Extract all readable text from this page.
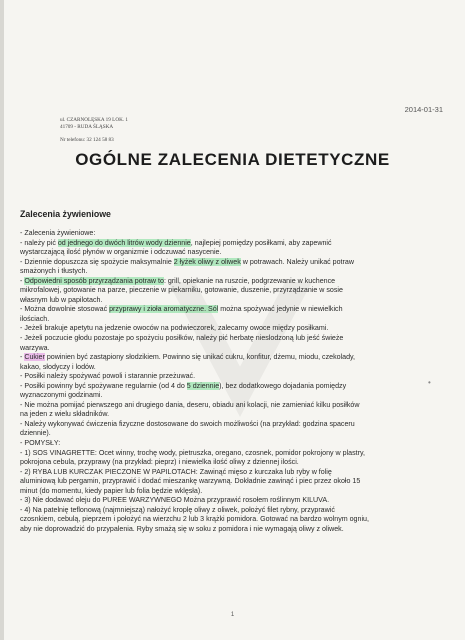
2014-01-31
ul. CZARNOLĘSKA 19 LOK. 1
41709 - RUDA ŚLĄSKA
Nr telefonu: 32 124 58 83
OGÓLNE ZALECENIA DIETETYCZNE
Zalecenia żywieniowe
- Zalecenia żywieniowe:
- należy pić od jednego do dwóch litrów wody dziennie, najlepiej pomiędzy posiłkami, aby zapewnić
wystarczającą ilość płynów w organizmie i odczuwać nasycenie.
- Dziennie dopuszcza się spożycie maksymalnie 2 łyżek oliwy z oliwek w potrawach. Należy unikać potraw
smażonych i tłustych.
- Odpowiedni sposób przyrządzania potraw to: grill, opiekanie na ruszcie, podgrzewanie w kuchence
mikrofalowej, gotowanie na parze, pieczenie w piekarniku, gotowanie, duszenie, przyrządzanie w sosie
własnym lub w papilotach.
- Można dowolnie stosować przyprawy i zioła aromatyczne. Sól można spożywać jedynie w niewielkich
ilościach.
- Jeżeli brakuje apetytu na jedzenie owoców na podwieczorek, zalecamy owoce między posiłkami.
- Jeżeli poczucie głodu pozostaje po spożyciu posiłków, należy pić herbatę nieslodzoną lub jeść świeże
warzywa.
- Cukier powinien być zastąpiony słodzikiem. Powinno się unikać cukru, konfitur, dżemu, miodu, czekolady,
kakao, słodyczy i lodów.
- Posiłki należy spożywać powoli i starannie przeżuwać.
- Posiłki powinny być spożywane regularnie (od 4 do 5 dziennie), bez dodatkowego dojadania pomiędzy
wyznaczonymi godzinami.
- Nie można pomijać pierwszego ani drugiego dania, deseru, obiadu ani kolacji, nie zamieniać kilku posiłków
na jeden z wielu składników.
- Należy wykonywać ćwiczenia fizyczne dostosowane do swoich możliwości (na przykład: godzina spaceru
dziennie).
- POMYSŁY:
- 1) SOS VINAGRETTE: Ocet winny, trochę wody, pietruszka, oregano, czosnek, pomidor pokrojony w plastry,
pokrojona cebula, przyprawy (na przykład: pieprz) i niewielka ilość oliwy z dziennej ilości.
- 2) RYBA LUB KURCZAK PIECZONE W PAPILOTACH: Zawinąć mięso z kurczaka lub ryby w folię
aluminiową lub pergamin, przyprawić i dodać mieszankę warzywną. Dokładnie zawinąć i piec przez około 15
minut (do momentu, kiedy papier lub folia będzie wklęsła).
- 3) Nie dodawać oleju do PUREE WARZYWNEGO Można przyprawić rosołem roślinnym KILUVA.
- 4) Na patelnię teflonową (najmniejszą) nałożyć kroplę oliwy z oliwek, położyć filet rybny, przyprawić
czosnkiem, cebulą, pieprzem i położyć na wierzchu 2 lub 3 krążki pomidora. Gotować na bardzo wolnym ogniu,
aby nie doprowadzić do przypalenia. Ryby smażą się w soku z pomidora i nie wymagają oliwy z oliwek.
•
1
